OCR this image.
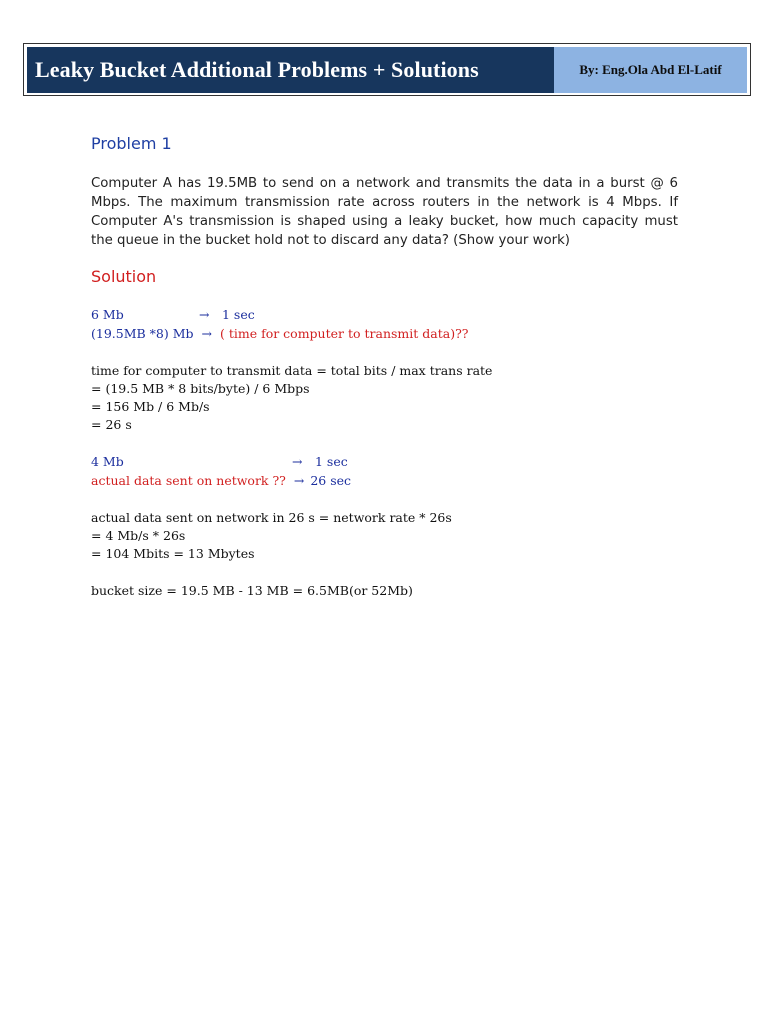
Leaky Bucket Additional Problems + Solutions	By: Eng.Ola Abd El-Latif
Problem 1
Computer A has 19.5MB to send on a network and transmits the data in a burst @ 6 Mbps. The maximum transmission rate across routers in the network is 4 Mbps. If Computer A's transmission is shaped using a leaky bucket, how much capacity must the queue in the bucket hold not to discard any data? (Show your work)
Solution
6 Mb	→ 1 sec
(19.5MB *8) Mb → ( time for computer to transmit data)??
time for computer to transmit data = total bits / max trans rate
= (19.5 MB * 8 bits/byte) / 6 Mbps
= 156 Mb / 6 Mb/s
= 26 s
4 Mb	→ 1 sec
actual data sent on network ?? → 26 sec
actual data sent on network in 26 s = network rate * 26s
= 4 Mb/s * 26s
= 104 Mbits = 13 Mbytes
bucket size = 19.5 MB - 13 MB = 6.5MB(or 52Mb)
